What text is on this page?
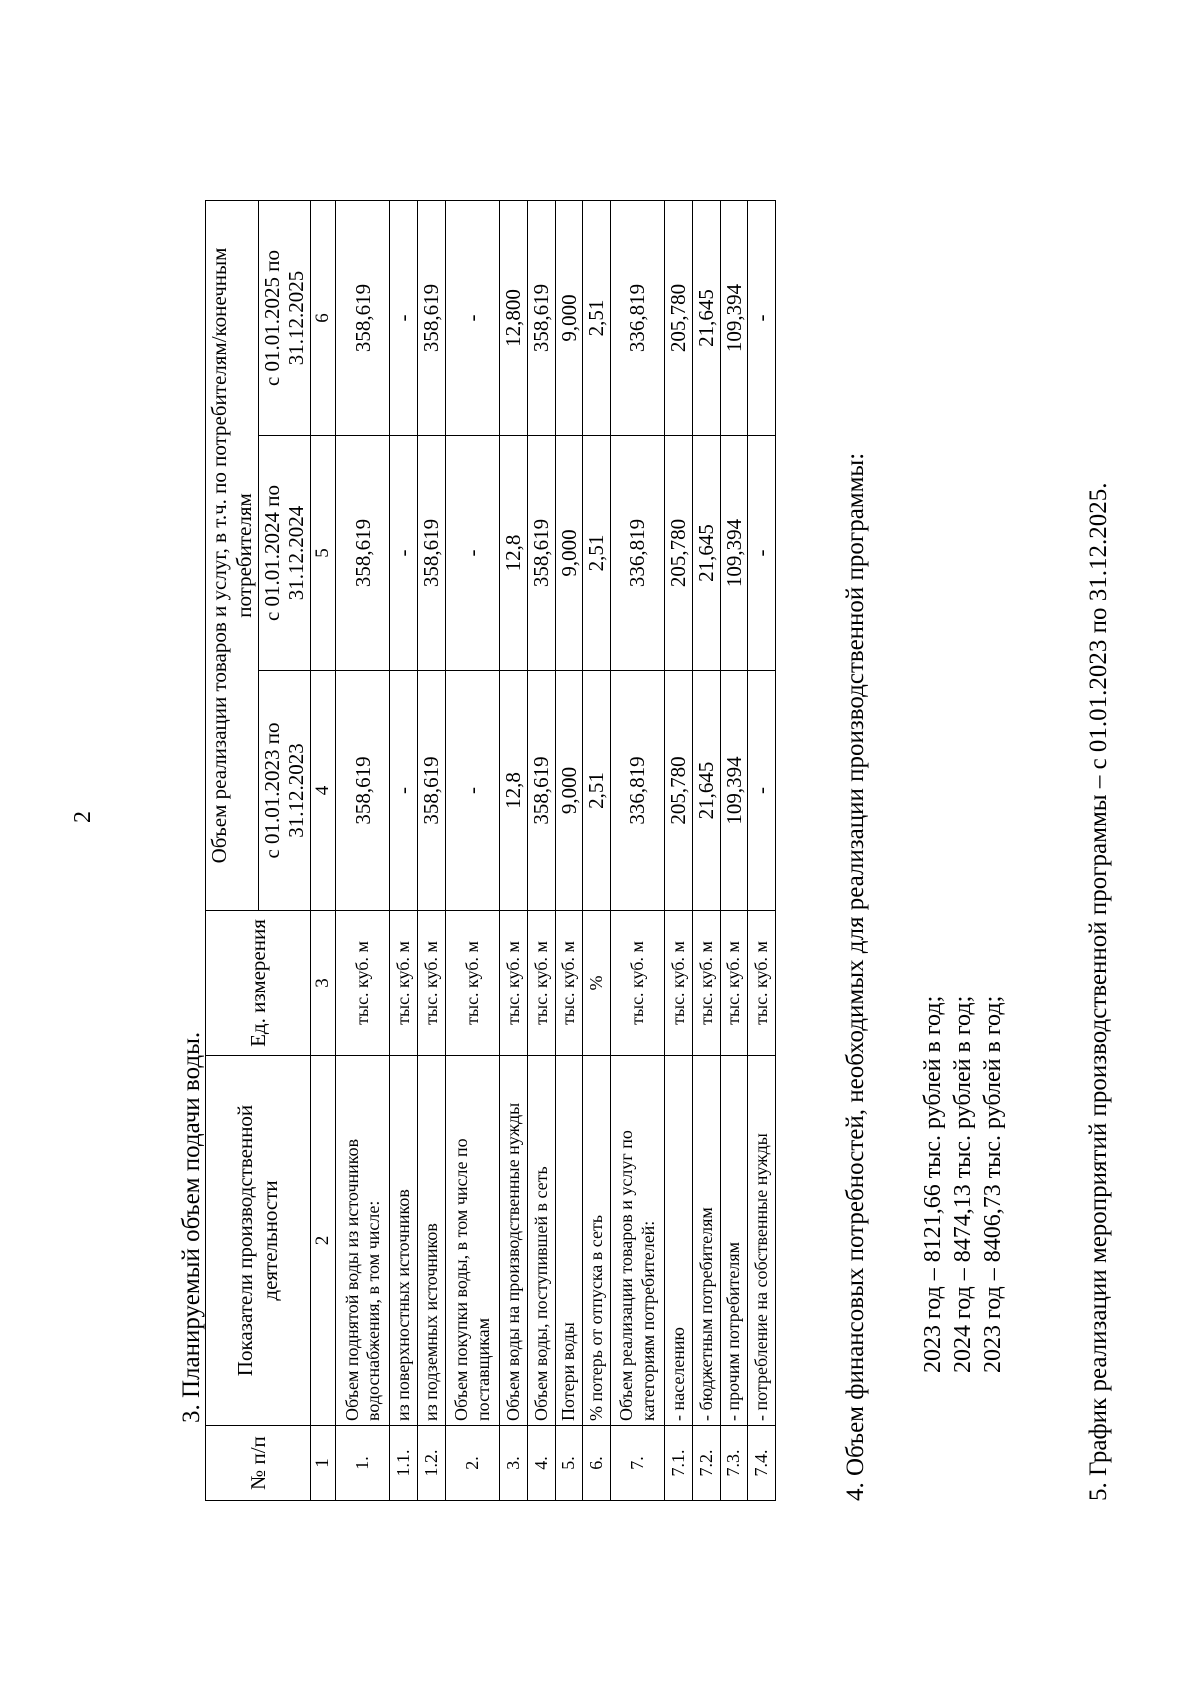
2
3. Планируемый объем подачи воды.
№ п/п	Показатели производственной деятельности	Ед. измерения	Объем реализации товаров и услуг, в т.ч. по потребителям/конечным потребителям		
			с 01.01.2023 по 31.12.2023	с 01.01.2024 по 31.12.2024	с 01.01.2025 по 31.12.2025
1	2	3	4	5	6
1.	Объем поднятой воды из источников водоснабжения, в том числе:	тыс. куб. м	358,619	358,619	358,619
1.1.	из поверхностных источников	тыс. куб. м	-	-	-
1.2.	из подземных источников	тыс. куб. м	358,619	358,619	358,619
2.	Объем покупки воды, в том числе по поставщикам	тыс. куб. м	-	-	-
3.	Объем воды на производственные нужды	тыс. куб. м	12,8	12,8	12,800
4.	Объем воды, поступившей в сеть	тыс. куб. м	358,619	358,619	358,619
5.	Потери воды	тыс. куб. м	9,000	9,000	9,000
6.	% потерь от отпуска в сеть	%	2,51	2,51	2,51
7.	Объем реализации товаров и услуг по категориям потребителей:	тыс. куб. м	336,819	336,819	336,819
7.1.	- населению	тыс. куб. м	205,780	205,780	205,780
7.2.	- бюджетным потребителям	тыс. куб. м	21,645	21,645	21,645
7.3.	- прочим потребителям	тыс. куб. м	109,394	109,394	109,394
7.4.	- потребление на собственные нужды	тыс. куб. м	-	-	-
4. Объем финансовых потребностей, необходимых для реализации производственной программы: 2023 год – 8121,66 тыс. рублей в год; 2024 год – 8474,13 тыс. рублей в год; 2023 год – 8406,73 тыс. рублей в год;	5. График реализации мероприятий производственной программы – с 01.01.2023 по 31.12.2025.
